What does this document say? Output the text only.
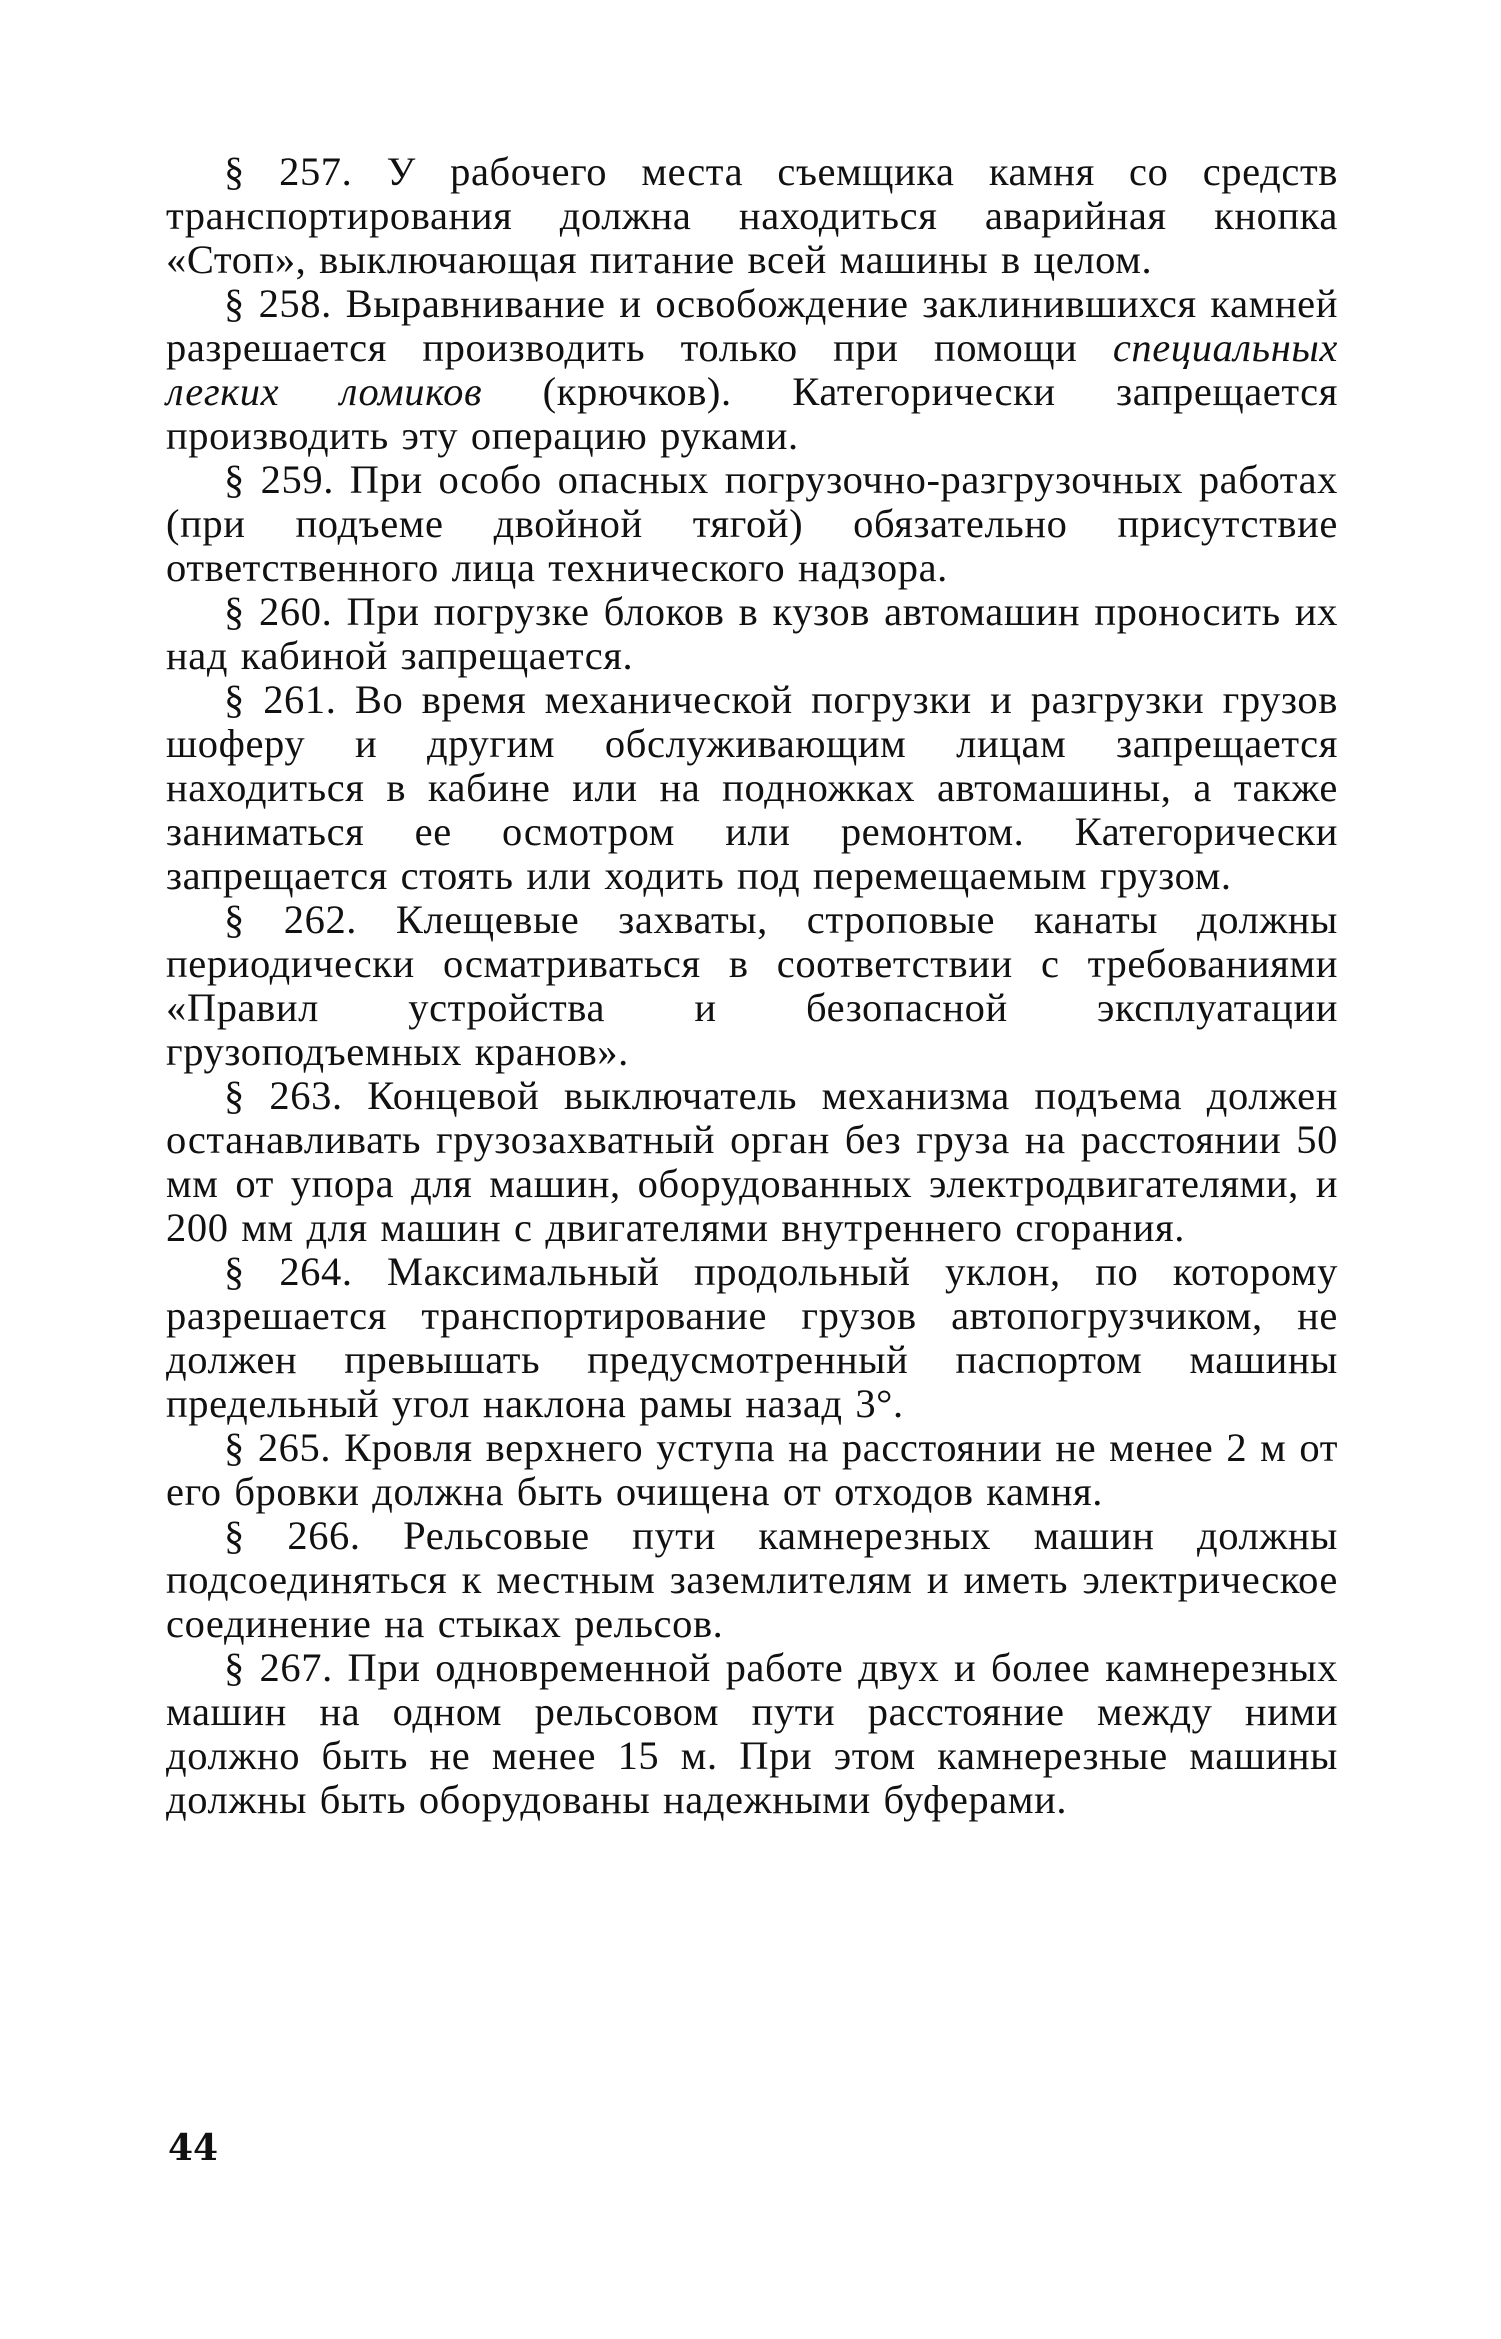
§ 257. У рабочего места съемщика камня со средств транспортирования должна находиться аварийная кнопка «Стоп», выключающая питание всей машины в целом.

§ 258. Выравнивание и освобождение заклинившихся камней разрешается производить только при помощи специальных легких ломиков (крючков). Категорически запрещается производить эту операцию руками.

§ 259. При особо опасных погрузочно-разгрузочных работах (при подъеме двойной тягой) обязательно присутствие ответственного лица технического надзора.

§ 260. При погрузке блоков в кузов автомашин проносить их над кабиной запрещается.

§ 261. Во время механической погрузки и разгрузки грузов шоферу и другим обслуживающим лицам запрещается находиться в кабине или на подножках автомашины, а также заниматься ее осмотром или ремонтом. Категорически запрещается стоять или ходить под перемещаемым грузом.

§ 262. Клещевые захваты, строповые канаты должны периодически осматриваться в соответствии с требованиями «Правил устройства и безопасной эксплуатации грузоподъемных кранов».

§ 263. Концевой выключатель механизма подъема должен останавливать грузозахватный орган без груза на расстоянии 50 мм от упора для машин, оборудованных электродвигателями, и 200 мм для машин с двигателями внутреннего сгорания.

§ 264. Максимальный продольный уклон, по которому разрешается транспортирование грузов автопогрузчиком, не должен превышать предусмотренный паспортом машины предельный угол наклона рамы назад 3°.

§ 265. Кровля верхнего уступа на расстоянии не менее 2 м от его бровки должна быть очищена от отходов камня.

§ 266. Рельсовые пути камнерезных машин должны подсоединяться к местным заземлителям и иметь электрическое соединение на стыках рельсов.

§ 267. При одновременной работе двух и более камнерезных машин на одном рельсовом пути расстояние между ними должно быть не менее 15 м. При этом камнерезные машины должны быть оборудованы надежными буферами.

44
